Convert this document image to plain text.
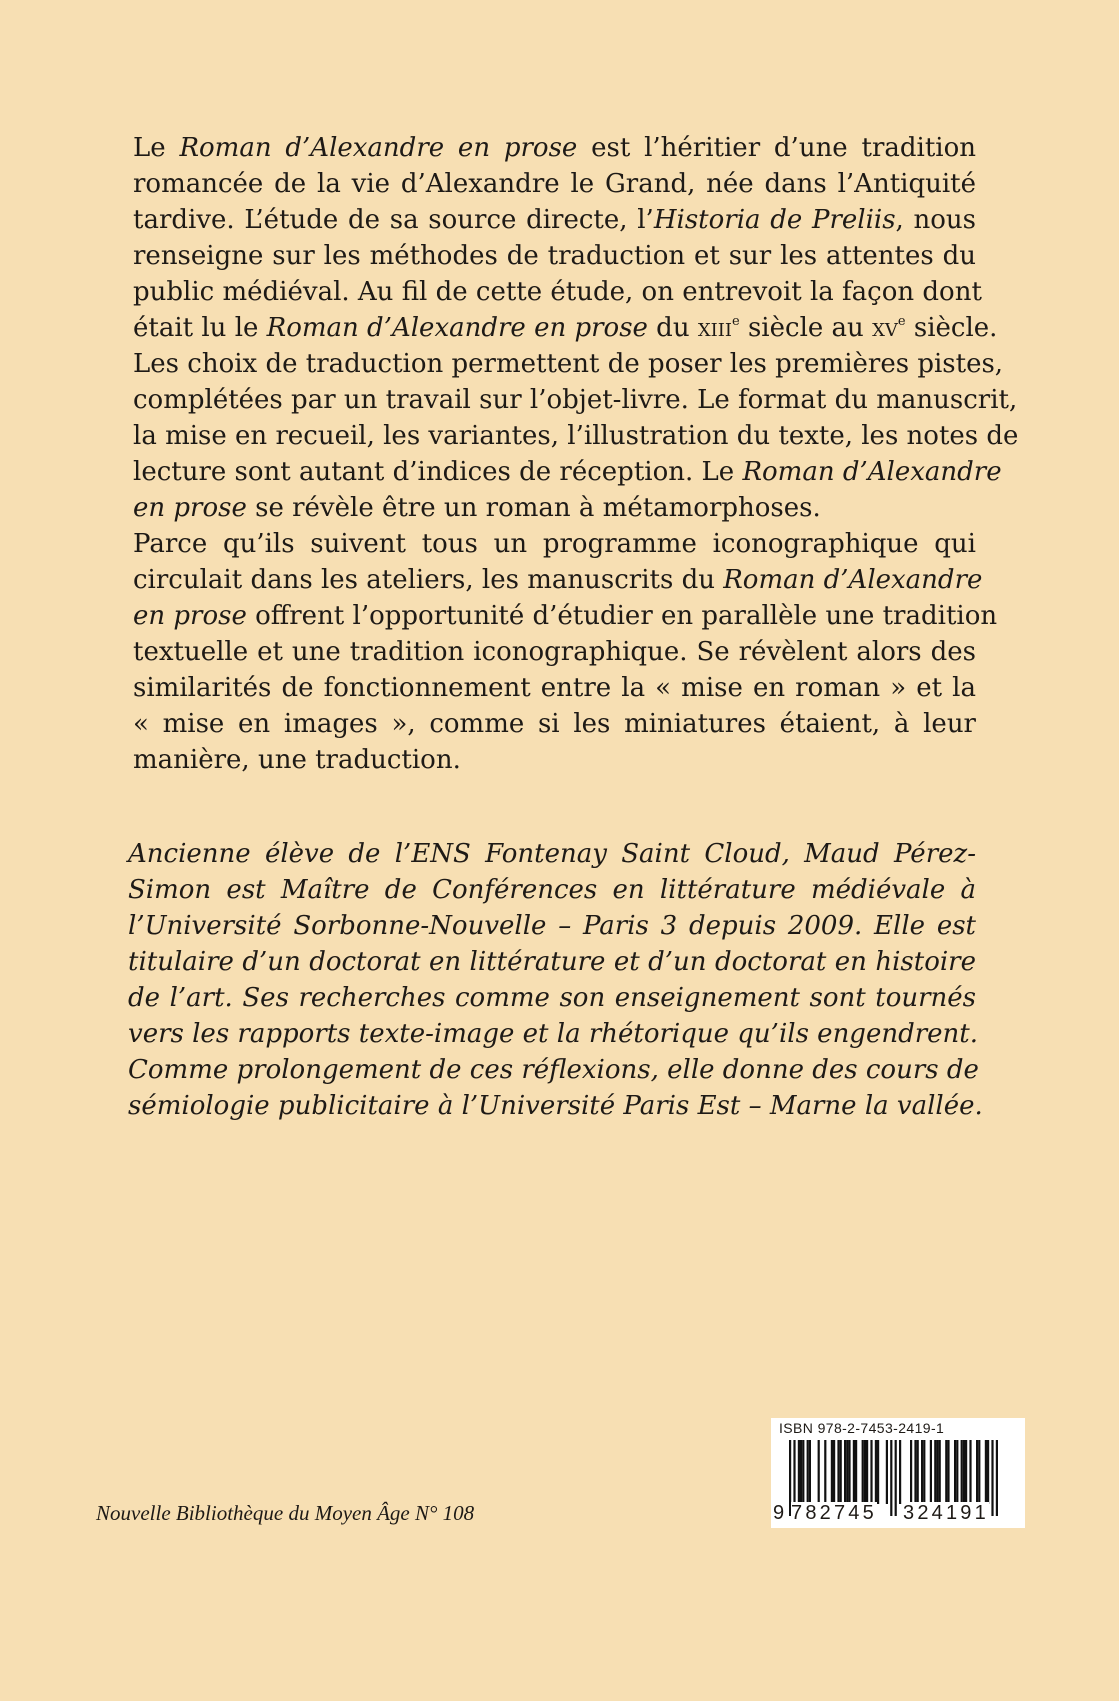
Le Roman d’Alexandre en prose est l’héritier d’une tradition
romancée de la vie d’Alexandre le Grand, née dans l’Antiquité
tardive. L’étude de sa source directe, l’Historia de Preliis, nous
renseigne sur les méthodes de traduction et sur les attentes du
public médiéval. Au fil de cette étude, on entrevoit la façon dont
était lu le Roman d’Alexandre en prose du xiii$^e$ siècle au $xv^e$ siècle.
Les choix de traduction permettent de poser les premières pistes,
complétées par un travail sur l’objet-livre. Le format du manuscrit,
la mise en recueil, les variantes, l’illustration du texte, les notes de
lecture sont autant d’indices de réception. Le Roman d’Alexandre
en prose se révèle être un roman à métamorphoses.

Parce qu’ils suivent tous un programme iconographique qui
circulait dans les ateliers, les manuscrits du Roman d’Alexandre
en prose offrent l’opportunité d’étudier en parallèle une tradition
textuelle et une tradition iconographique. Se révèlent alors des
similarités de fonctionnement entre la « mise en roman » et la
« mise en images », comme si les miniatures étaient, à leur
manière, une traduction.

Ancienne élève de l’ENS Fontenay Saint Cloud, Maud Pérez-
Simon est Maître de Conférences en littérature médiévale à
l’Université Sorbonne-Nouvelle – Paris 3 depuis 2009. Elle est
titulaire d’un doctorat en littérature et d’un doctorat en histoire
de l’art. Ses recherches comme son enseignement sont tournés
vers les rapports texte-image et la rhétorique qu’ils engendrent.
Comme prolongement de ces réflexions, elle donne des cours de
sémiologie publicitaire à l’Université Paris Est – Marne la vallée.
Nouvelle Bibliothèque du Moyen Âge N° 108
ISBN 978-2-7453-2419-1
9 782745 324191
